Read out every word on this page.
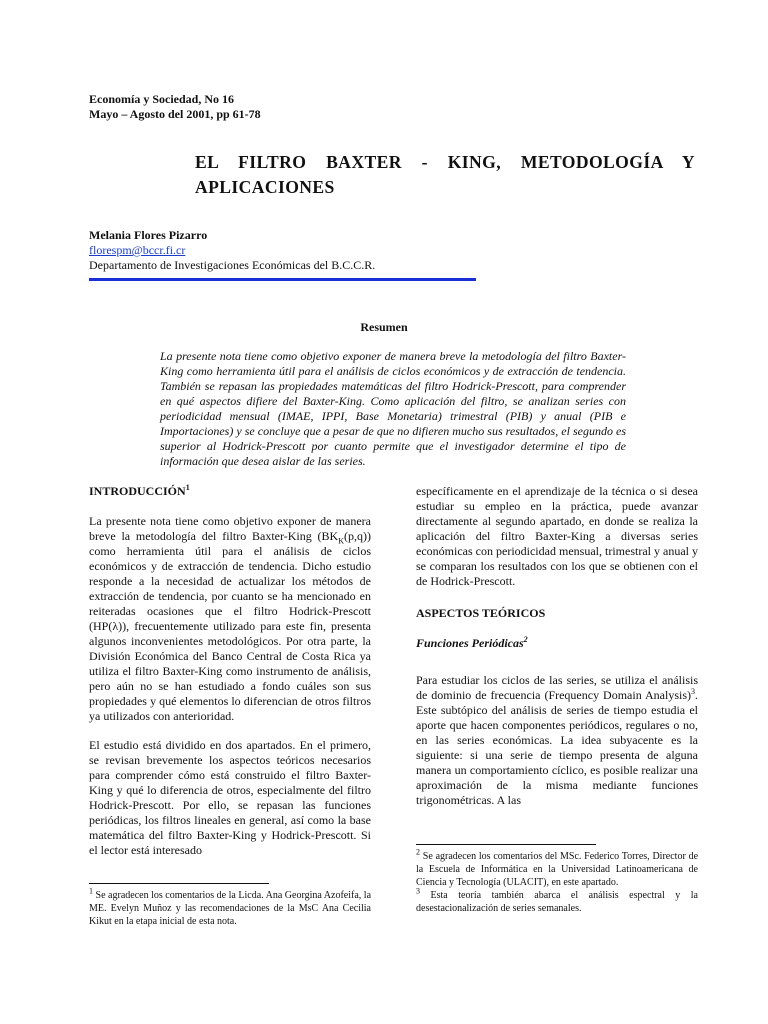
Economía y Sociedad, No 16
Mayo – Agosto del 2001, pp 61-78
EL FILTRO BAXTER - KING, METODOLOGÍA Y APLICACIONES
Melania Flores Pizarro
florespm@bccr.fi.cr
Departamento de Investigaciones Económicas del B.C.C.R.
Resumen
La presente nota tiene como objetivo exponer de manera breve la metodología del filtro Baxter-King como herramienta útil para el análisis de ciclos económicos y de extracción de tendencia. También se repasan las propiedades matemáticas del filtro Hodrick-Prescott, para comprender en qué aspectos difiere del Baxter-King. Como aplicación del filtro, se analizan series con periodicidad mensual (IMAE, IPPI, Base Monetaria) trimestral (PIB) y anual (PIB e Importaciones) y se concluye que a pesar de que no difieren mucho sus resultados, el segundo es superior al Hodrick-Prescott por cuanto permite que el investigador determine el tipo de información que desea aislar de las series.
INTRODUCCIÓN$^1$

La presente nota tiene como objetivo exponer de manera breve la metodología del filtro Baxter-King $(BK_K(p,q))$ como herramienta útil para el análisis de ciclos económicos y de extracción de tendencia. Dicho estudio responde a la necesidad de actualizar los métodos de extracción de tendencia, por cuanto se ha mencionado en reiteradas ocasiones que el filtro Hodrick-Prescott (HP(λ)), frecuentemente utilizado para este fin, presenta algunos inconvenientes metodológicos. Por otra parte, la División Económica del Banco Central de Costa Rica ya utiliza el filtro Baxter-King como instrumento de análisis, pero aún no se han estudiado a fondo cuáles son sus propiedades y qué elementos lo diferencian de otros filtros ya utilizados con anterioridad.

El estudio está dividido en dos apartados. En el primero, se revisan brevemente los aspectos teóricos necesarios para comprender cómo está construido el filtro Baxter-King y qué lo diferencia de otros, especialmente del filtro Hodrick-Prescott. Por ello, se repasan las funciones periódicas, los filtros lineales en general, así como la base matemática del filtro Baxter-King y Hodrick-Prescott. Si el lector está interesado

$^1$ Se agradecen los comentarios de la Licda. Ana Georgina Azofeifa, la ME. Evelyn Muñoz y las recomendaciones de la MsC Ana Cecilia Kikut en la etapa inicial de esta nota.

específicamente en el aprendizaje de la técnica o si desea estudiar su empleo en la práctica, puede avanzar directamente al segundo apartado, en donde se realiza la aplicación del filtro Baxter-King a diversas series económicas con periodicidad mensual, trimestral y anual y se comparan los resultados con los que se obtienen con el de Hodrick-Prescott.

ASPECTOS TEÓRICOS
Funciones Periódicas$^2$

Para estudiar los ciclos de las series, se utiliza el análisis de dominio de frecuencia (Frequency Domain Analysis)$^3$. Este subtópico del análisis de series de tiempo estudia el aporte que hacen componentes periódicos, regulares o no, en las series económicas. La idea subyacente es la siguiente: si una serie de tiempo presenta de alguna manera un comportamiento cíclico, es posible realizar una aproximación de la misma mediante funciones trigonométricas. A las

$^2$ Se agradecen los comentarios del MSc. Federico Torres, Director de la Escuela de Informática en la Universidad Latinoamericana de Ciencia y Tecnología (ULACIT), en este apartado.

$^3$ Esta teoría también abarca el análisis espectral y la desestacionalización de series semanales.
